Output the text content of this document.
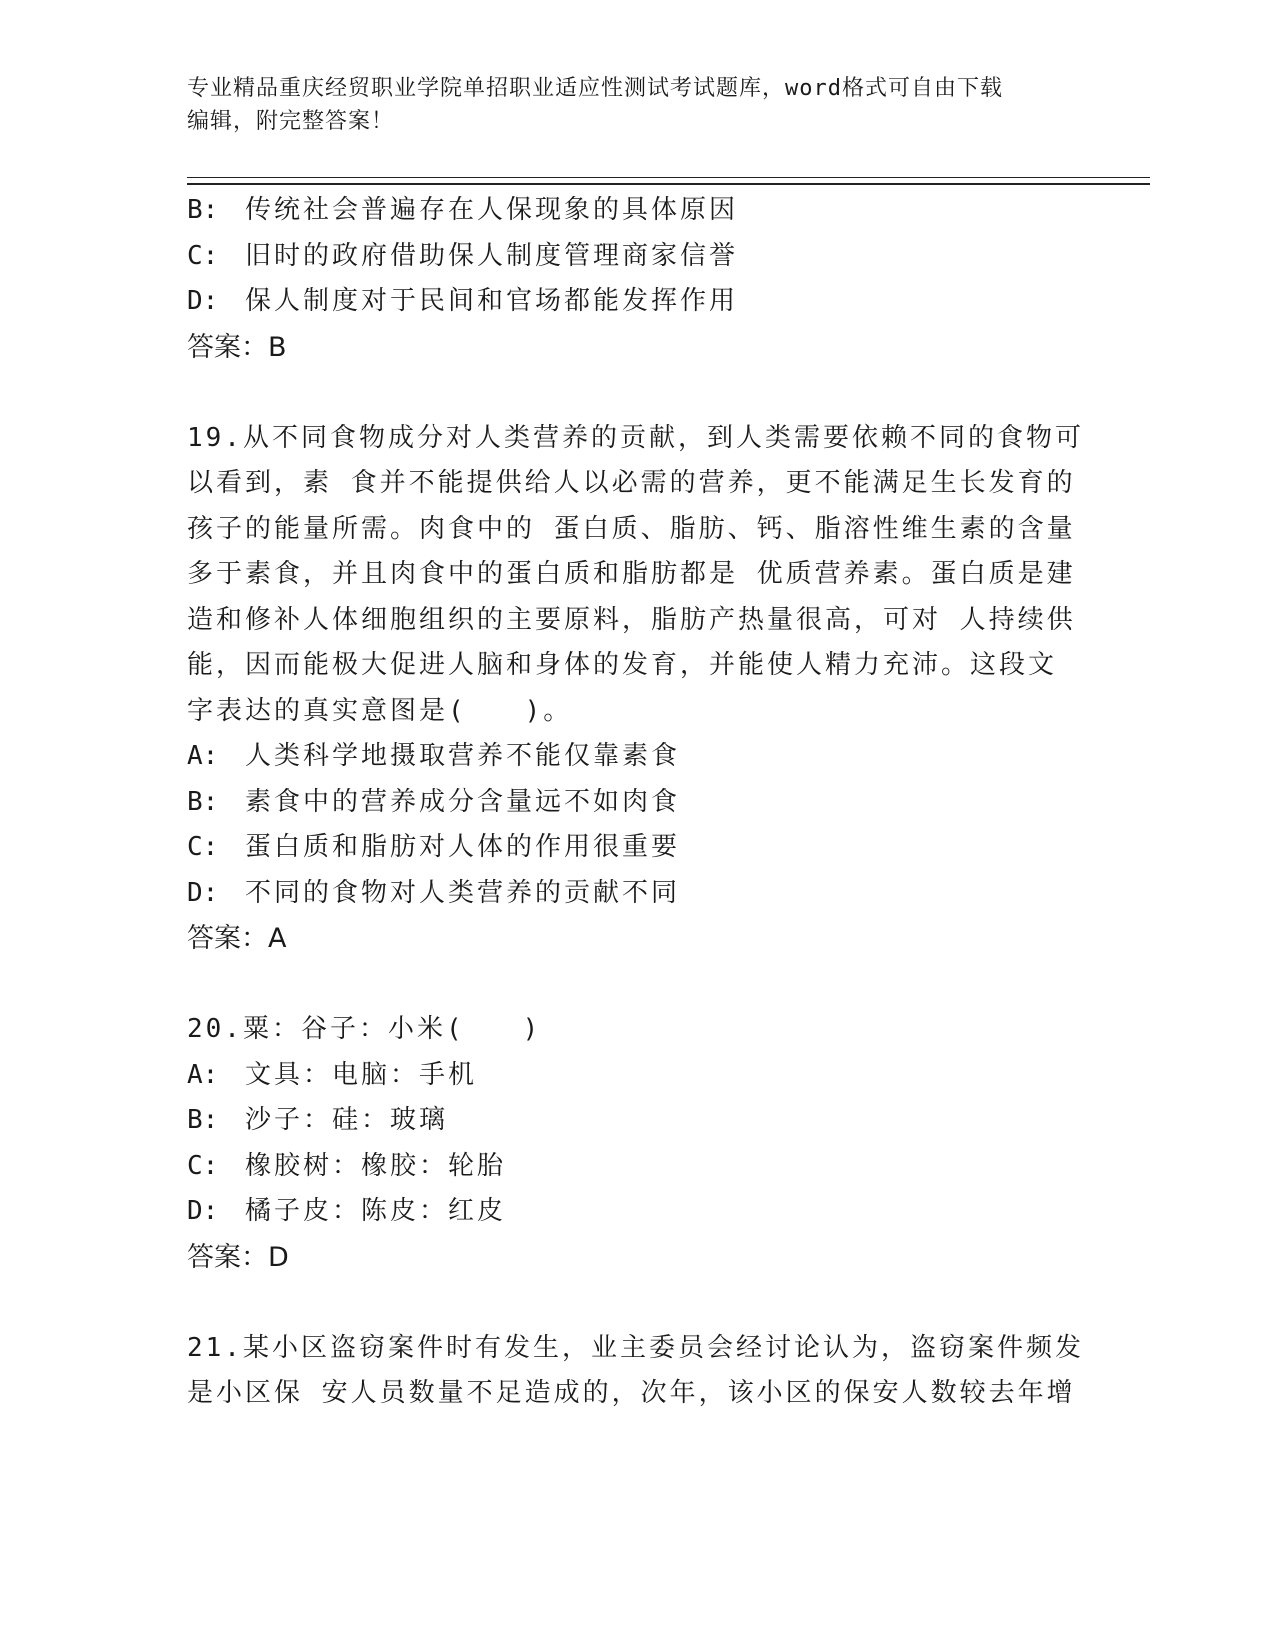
专业精品重庆经贸职业学院单招职业适应性测试考试题库，word格式可自由下载
编辑，附完整答案！
B: 传统社会普遍存在人保现象的具体原因
C: 旧时的政府借助保人制度管理商家信誉
D: 保人制度对于民间和官场都能发挥作用
答案：B
19.从不同食物成分对人类营养的贡献，到人类需要依赖不同的食物可
以看到，素 食并不能提供给人以必需的营养，更不能满足生长发育的
孩子的能量所需。肉食中的 蛋白质、脂肪、钙、脂溶性维生素的含量
多于素食，并且肉食中的蛋白质和脂肪都是 优质营养素。蛋白质是建
造和修补人体细胞组织的主要原料，脂肪产热量很高，可对 人持续供
能，因而能极大促进人脑和身体的发育，并能使人精力充沛。这段文
字表达的真实意图是(　　)。
A: 人类科学地摄取营养不能仅靠素食
B: 素食中的营养成分含量远不如肉食
C: 蛋白质和脂肪对人体的作用很重要
D: 不同的食物对人类营养的贡献不同
答案：A
20.粟：谷子：小米(　　)
A: 文具：电脑：手机
B: 沙子：硅：玻璃
C: 橡胶树：橡胶：轮胎
D: 橘子皮：陈皮：红皮
答案：D
21.某小区盗窃案件时有发生，业主委员会经讨论认为，盗窃案件频发
是小区保 安人员数量不足造成的，次年，该小区的保安人数较去年增
